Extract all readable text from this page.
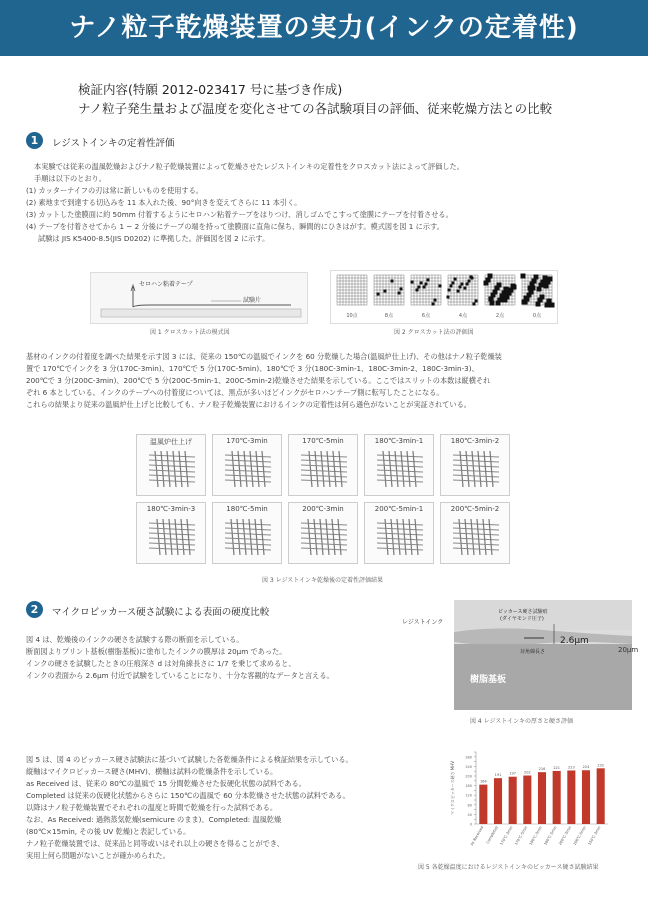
ナノ粒子乾燥装置の実力(インクの定着性)
検証内容(特願 2012-023417 号に基づき作成)
ナノ粒子発生量および温度を変化させての各試験項目の評価、従来乾燥方法との比較
1	レジストインキの定着性評価
本実験では従来の温風乾燥およびナノ粒子乾燥装置によって乾燥させたレジストインキの定着性をクロスカット法によって評価した。
手順は以下のとおり。
(1) カッターナイフの刃は常に新しいものを使用する。
(2) 素地まで到達する切込みを 11 本入れた後、90°向きを変えてさらに 11 本引く。
(3) カットした塗膜面に約 50mm 付着するようにセロハン粘着テープをはりつけ、消しゴムでこすって塗膜にテープを付着させる。
(4) テープを付着させてから 1 ~ 2 分後にテープの端を持って塗膜面に直角に保ち、瞬間的にひきはがす。模式図を図 1 に示す。
試験は JIS K5400-8.5(JIS D0202) に準拠した。評価図を図 2 に示す。
セロハン粘着テープ
試験片
図 1 クロスカット法の模式図
10点	8点	6点	4点	2点	0点
図 2 クロスカット法の評価図
基材のインクの付着度を調べた結果を示す図 3 には、従来の 150℃の温風でインクを 60 分乾燥した場合(温風炉仕上げ)、その他はナノ粒子乾燥装
置で 170℃でインクを 3 分(170C-3min)、170℃で 5 分(170C-5min)、180℃で 3 分(180C-3min-1、180C-3min-2、180C-3min-3)、
200℃で 3 分(200C-3min)、200℃で 5 分(200C-5min-1、200C-5min-2)乾燥させた結果を示している。ここではスリットの本数は縦横それ
ぞれ 6 本としている。インクのテープへの付着度については、黒点が多いほどインクがセロハンテープ側に転写したことになる。
これらの結果より従来の温風炉仕上げと比較しても、ナノ粒子乾燥装置におけるインクの定着性は何ら遜色がないことが実証されている。
温風炉仕上げ	170℃-3min	170℃-5min	180℃-3min-1	180℃-3min-2
180℃-3min-3	180℃-5min	200℃-3min	200℃-5min-1	200℃-5min-2
図 3 レジストインキ乾燥後の定着性評価結果
2	マイクロビッカース硬さ試験による表面の硬度比較
図 4 は、乾燥後のインクの硬さを試験する際の断面を示している。
断面図よりプリント基板(樹脂基板)に塗布したインクの膜厚は 20μm であった。
インクの硬さを試験したときの圧痕深さ d は対角線長さに 1/7 を乗じて求めると、
インクの表面から 2.6μm 付近で試験をしていることになり、十分な客観的なデータと言える。
ビッカース硬さ試験痕
(ダイヤモンド圧子)
2.6μm
対角線長さ
樹脂基板
レジストインク
20μm
図 4 レジストインキの厚さと硬さ評価
図 5 は、図 4 のビッカース硬さ試験法に基づいて試験した各乾燥条件による検証結果を示している。
縦軸はマイクロビッカース硬さ(MHV)、横軸は試料の乾燥条件を示している。
as Received は、従来の 80℃の温風で 15 分間乾燥させた仮硬化状態の試料である。
Completed は従来の仮硬化状態からさらに 150℃の温風で 60 分本乾燥させた状態の試料である。
以降はナノ粒子乾燥装置でそれぞれの温度と時間で乾燥を行った試料である。
なお、As Received: 過熱蒸気乾燥(semicure のまま)、Completed: 温風乾燥
(80℃×15min, その後 UV 乾燥)と表記している。
ナノ粒子乾燥装置では、従来品と同等或いはそれ以上の硬さを得ることができ、
実用上何ら問題がないことが確かめられた。
0
40
80
120
160
200
240
280
マイクロビッカース硬さ MHV	164
As Received
191
Completed
197
170℃-3min
202
170℃-5min
216
180℃-3min
221
180℃-5min
223
200℃-3min
224
200℃-5min
232
150℃-3min
図 5 各乾燥温度におけるレジストインキのビッカース硬さ試験結果
